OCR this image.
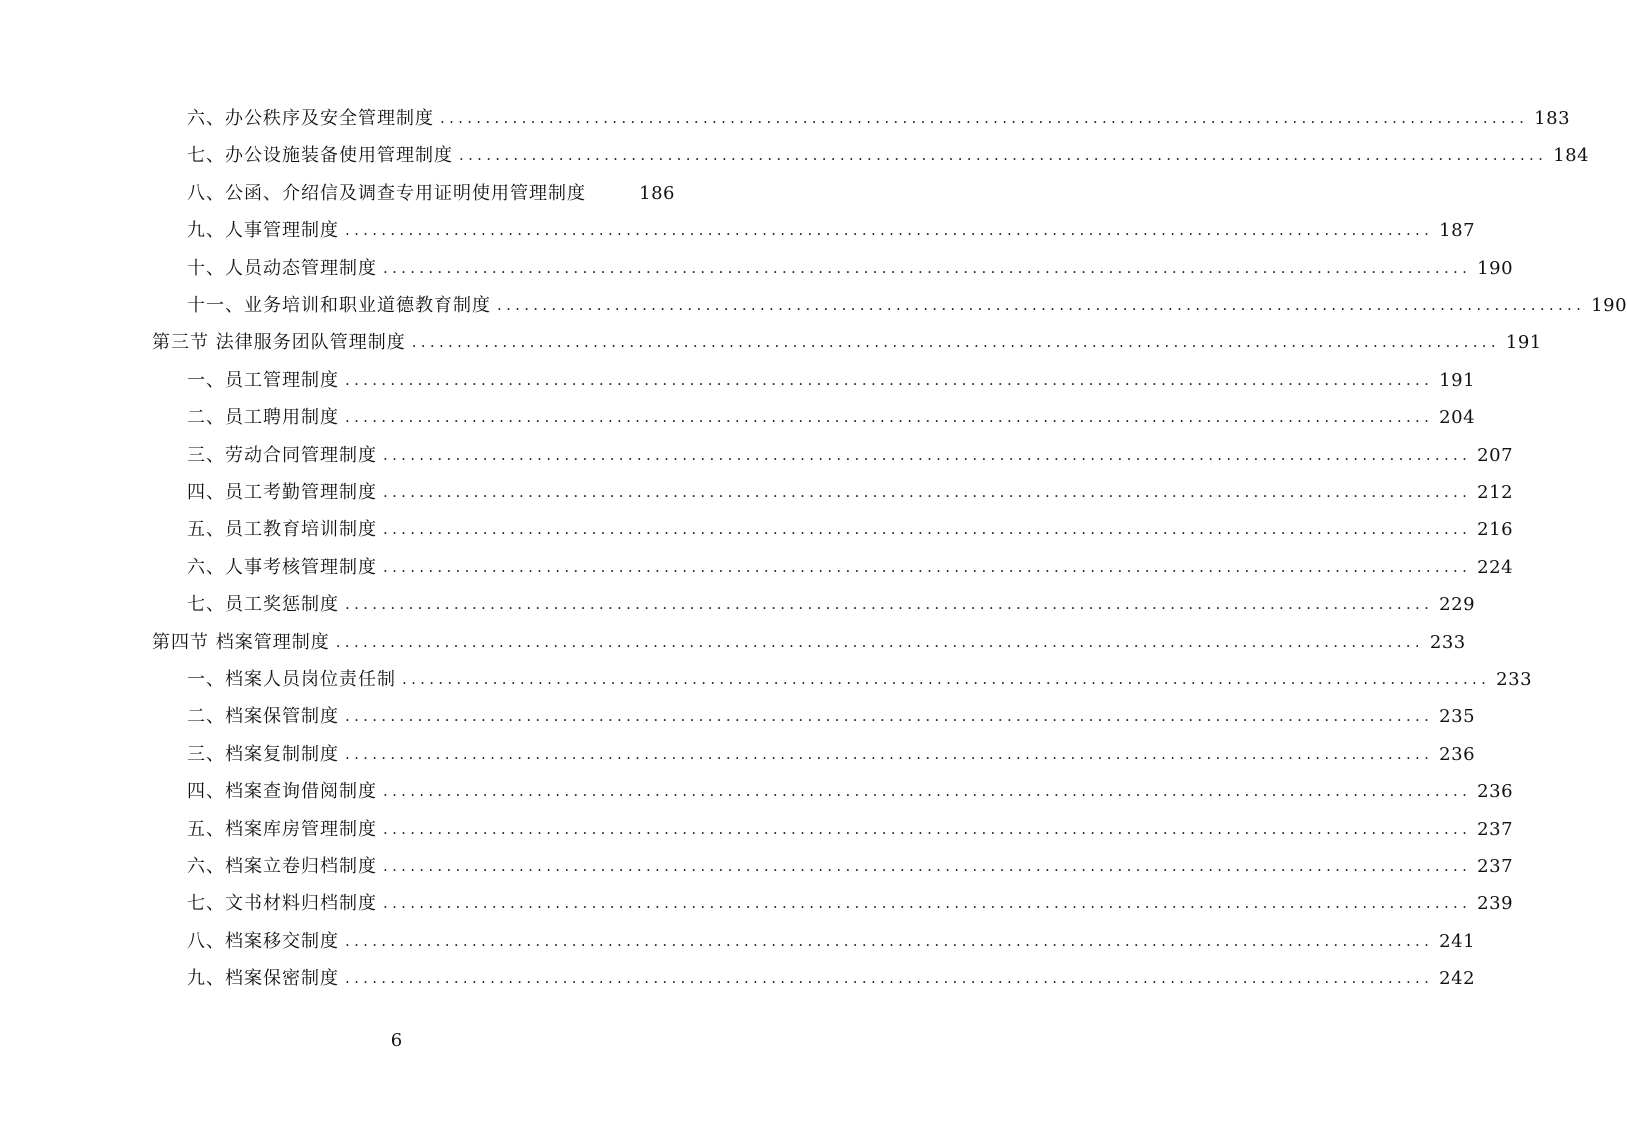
六、办公秩序及安全管理制度 ........................................................................................................................ 183
七、办公设施装备使用管理制度 ........................................................................................................................ 184
八、公函、介绍信及调查专用证明使用管理制度	186
九、人事管理制度 ........................................................................................................................ 187
十、人员动态管理制度 ........................................................................................................................ 190
十一、业务培训和职业道德教育制度 ........................................................................................................................ 190
第三节 法律服务团队管理制度 ........................................................................................................................ 191
一、员工管理制度 ........................................................................................................................ 191
二、员工聘用制度 ........................................................................................................................ 204
三、劳动合同管理制度 ........................................................................................................................ 207
四、员工考勤管理制度 ........................................................................................................................ 212
五、员工教育培训制度 ........................................................................................................................ 216
六、人事考核管理制度 ........................................................................................................................ 224
七、员工奖惩制度 ........................................................................................................................ 229
第四节 档案管理制度 ........................................................................................................................ 233
一、档案人员岗位责任制 ........................................................................................................................ 233
二、档案保管制度 ........................................................................................................................ 235
三、档案复制制度 ........................................................................................................................ 236
四、档案查询借阅制度 ........................................................................................................................ 236
五、档案库房管理制度 ........................................................................................................................ 237
六、档案立卷归档制度 ........................................................................................................................ 237
七、文书材料归档制度 ........................................................................................................................ 239
八、档案移交制度 ........................................................................................................................ 241
九、档案保密制度 ........................................................................................................................ 242
6
